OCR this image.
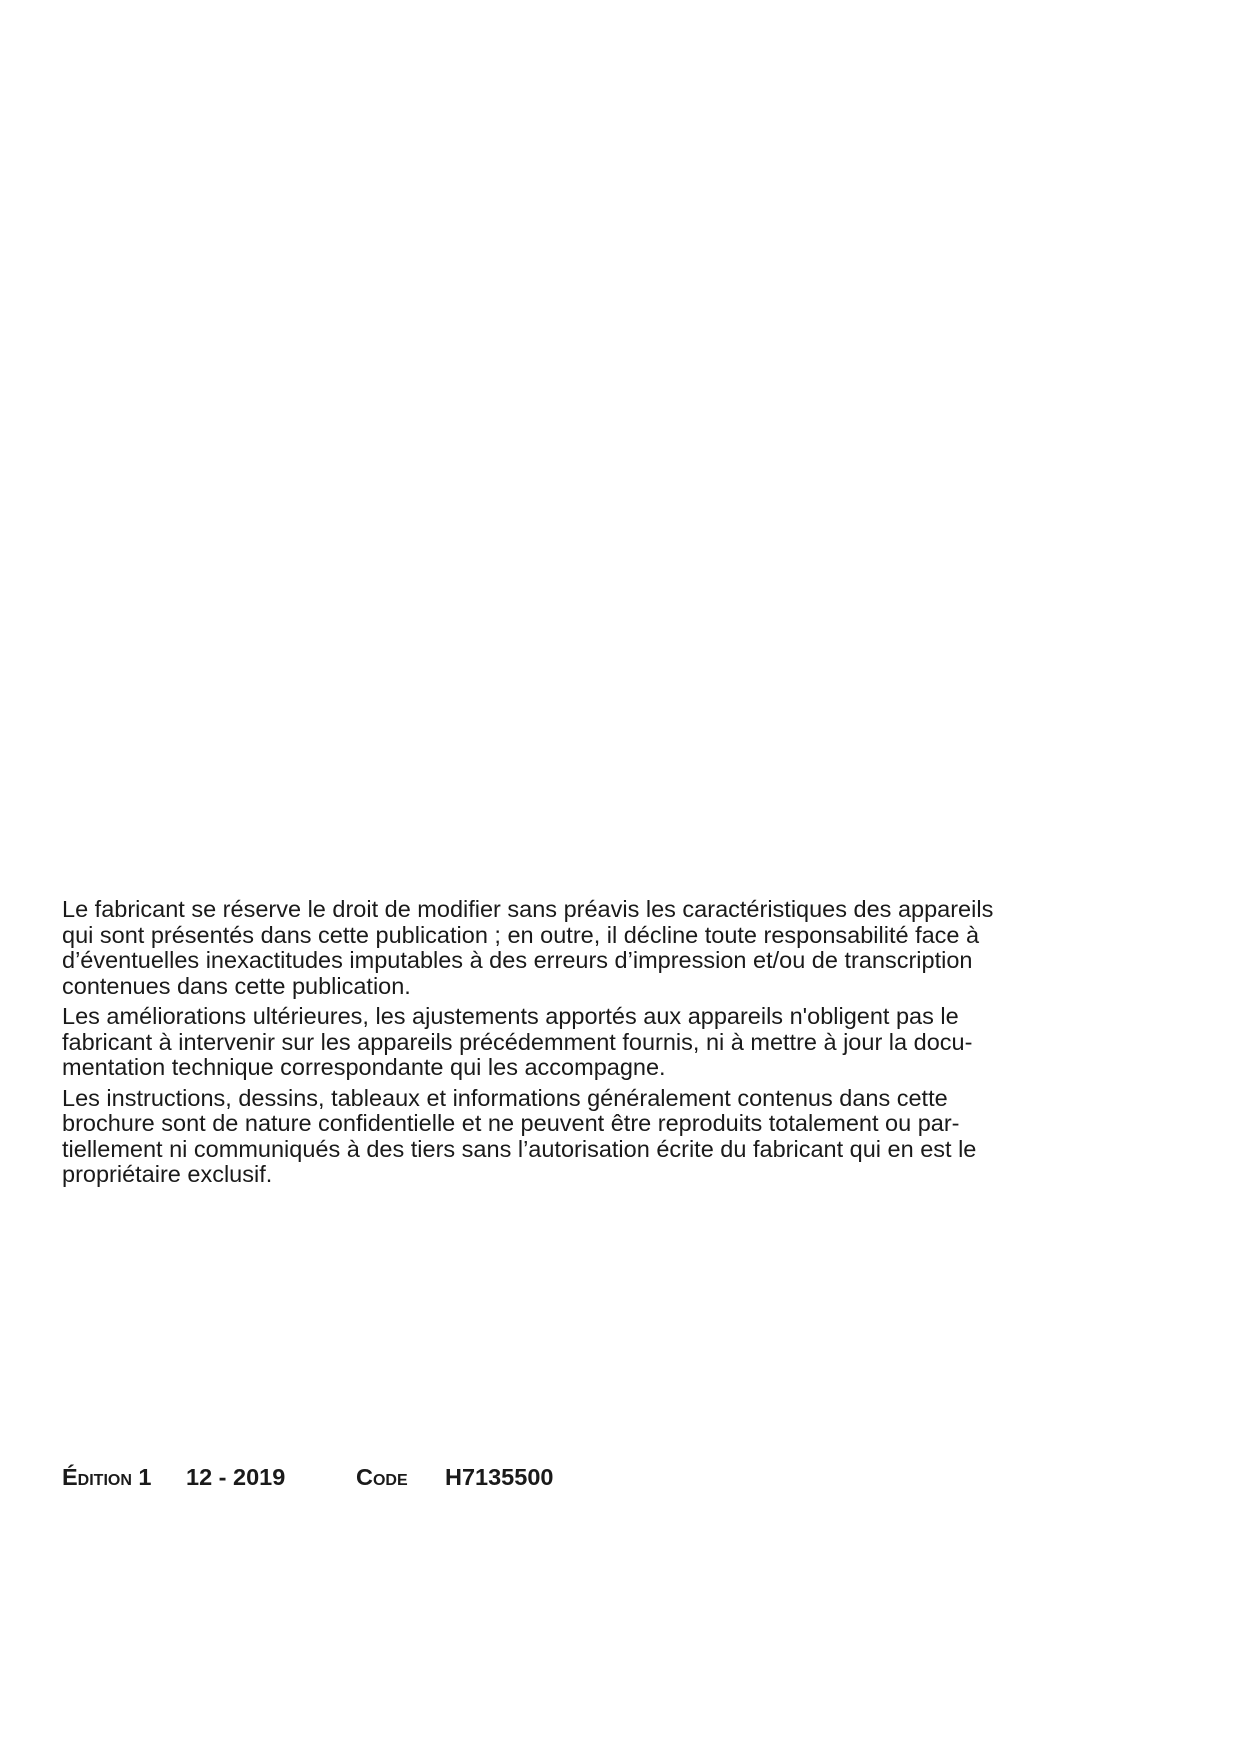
Le fabricant se réserve le droit de modifier sans préavis les caractéristiques des appareils
qui sont présentés dans cette publication ; en outre, il décline toute responsabilité face à
d’éventuelles inexactitudes imputables à des erreurs d’impression et/ou de transcription
contenues dans cette publication.

Les améliorations ultérieures, les ajustements apportés aux appareils n'obligent pas le
fabricant à intervenir sur les appareils précédemment fournis, ni à mettre à jour la docu-
mentation technique correspondante qui les accompagne.

Les instructions, dessins, tableaux et informations généralement contenus dans cette
brochure sont de nature confidentielle et ne peuvent être reproduits totalement ou par-
tiellement ni communiqués à des tiers sans l’autorisation écrite du fabricant qui en est le
propriétaire exclusif.

Édition 1 12 - 2019	Code H7135500
